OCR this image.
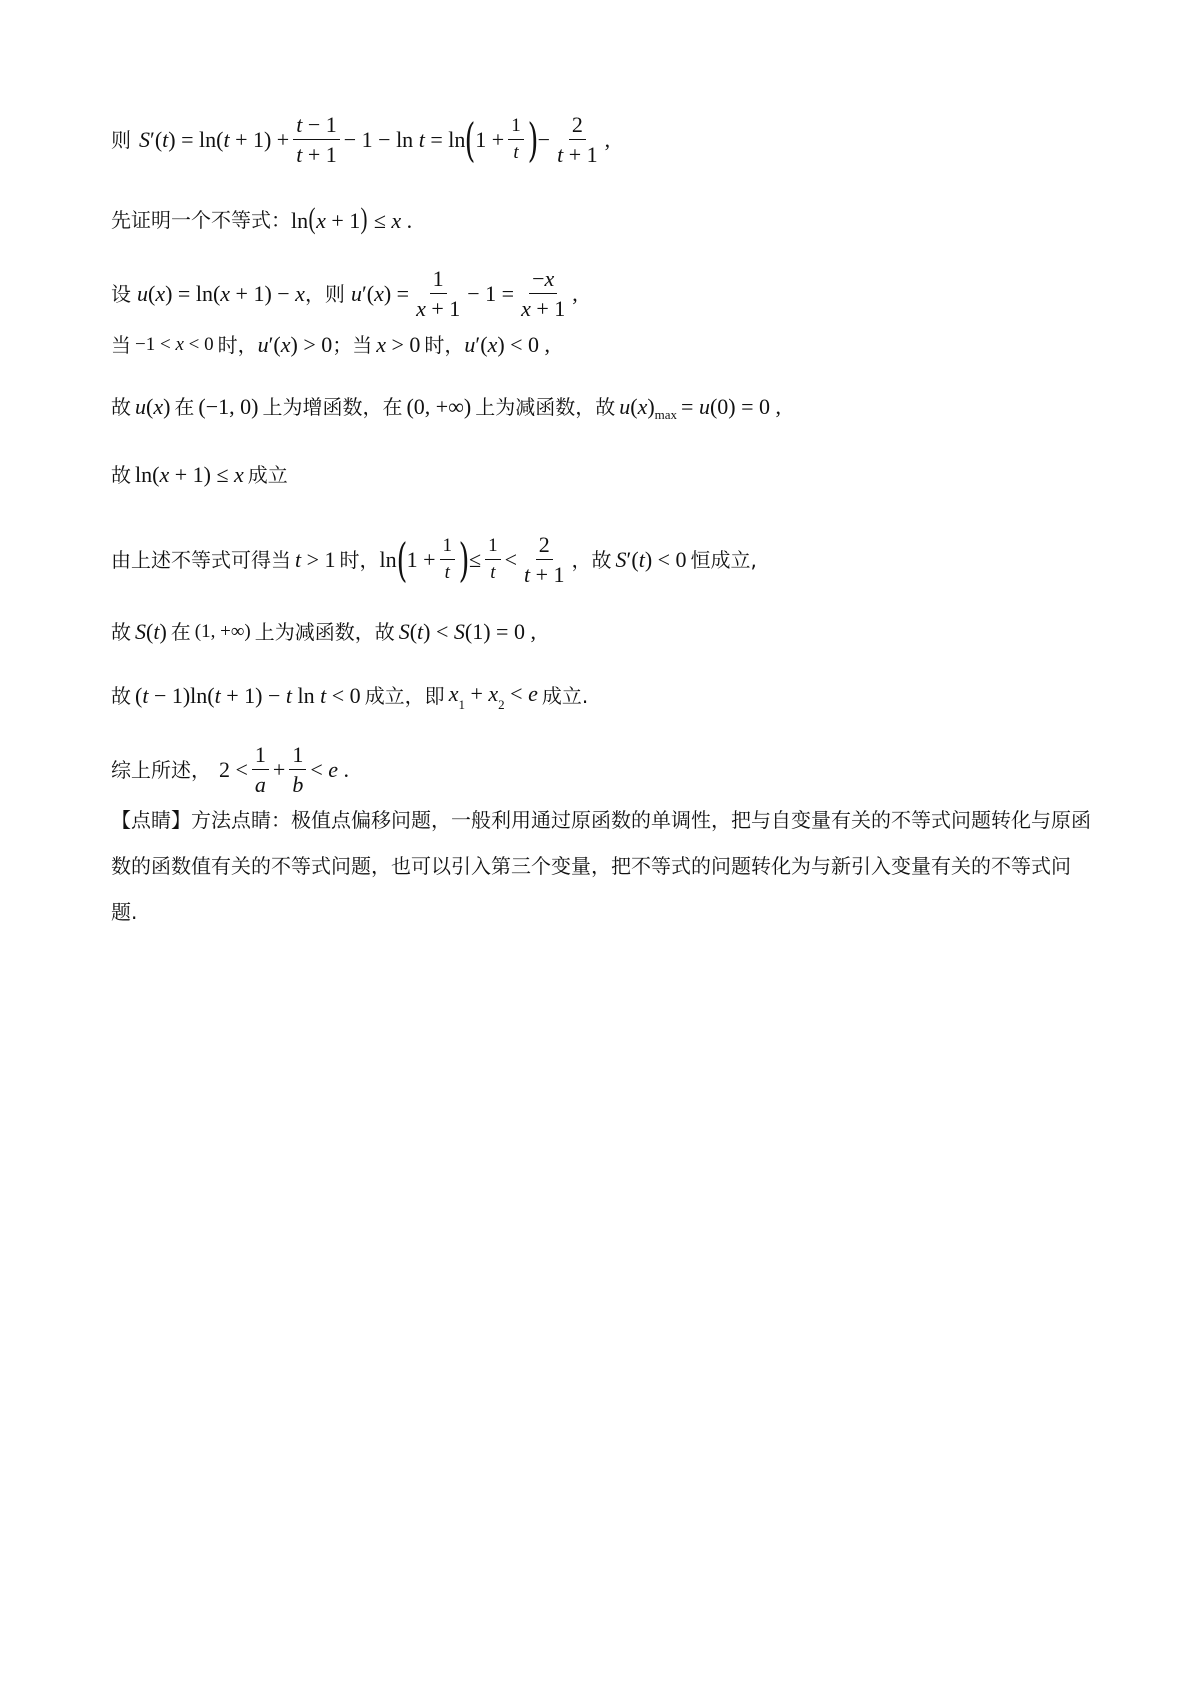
则 $S'(t) = \ln(t + 1) + \frac{t - 1}{t + 1} - 1 - \ln t = \ln$ ( $1 + \frac{1}{t}$ ) − $\frac{2}{t + 1}$ ,
先证明一个不等式： ln(x + 1) ≤ x .
设 u(x) = ln(x + 1) − x ，则 $u'(x) = \frac{1}{x + 1} - 1 = \frac{-x}{x + 1}$ ,
当 −1 < x < 0 时， u′(x) > 0 ；当 x > 0 时， u′(x) < 0 ,
故 u(x) 在 (−1, 0) 上为增函数，在 (0, +∞) 上为减函数，故 u(x) max = u(0) = 0 ,
故 ln(x + 1) ≤ x 成立
由上述不等式可得当 t > 1 时， ln ( $1 + \frac{1}{t}$ ) ≤ $\frac{1}{t} < \frac{2}{t + 1}$ ，故 S′(t) < 0 恒成立,
故 S(t) 在 (1, +∞) 上为减函数，故 S(t) < S(1) = 0 ,
故 (t − 1)ln(t + 1) − t ln t < 0 成立，即 $x_1 + x_2 < e$ 成立.
综上所述， $2 < \frac{1}{a} + \frac{1}{b} < e$ .
【点睛】方法点睛：极值点偏移问题，一般利用通过原函数的单调性，把与自变量有关的不等式问题转化与原函数的函数值有关的不等式问题，也可以引入第三个变量，把不等式的问题转化为与新引入变量有关的不等式问题.
